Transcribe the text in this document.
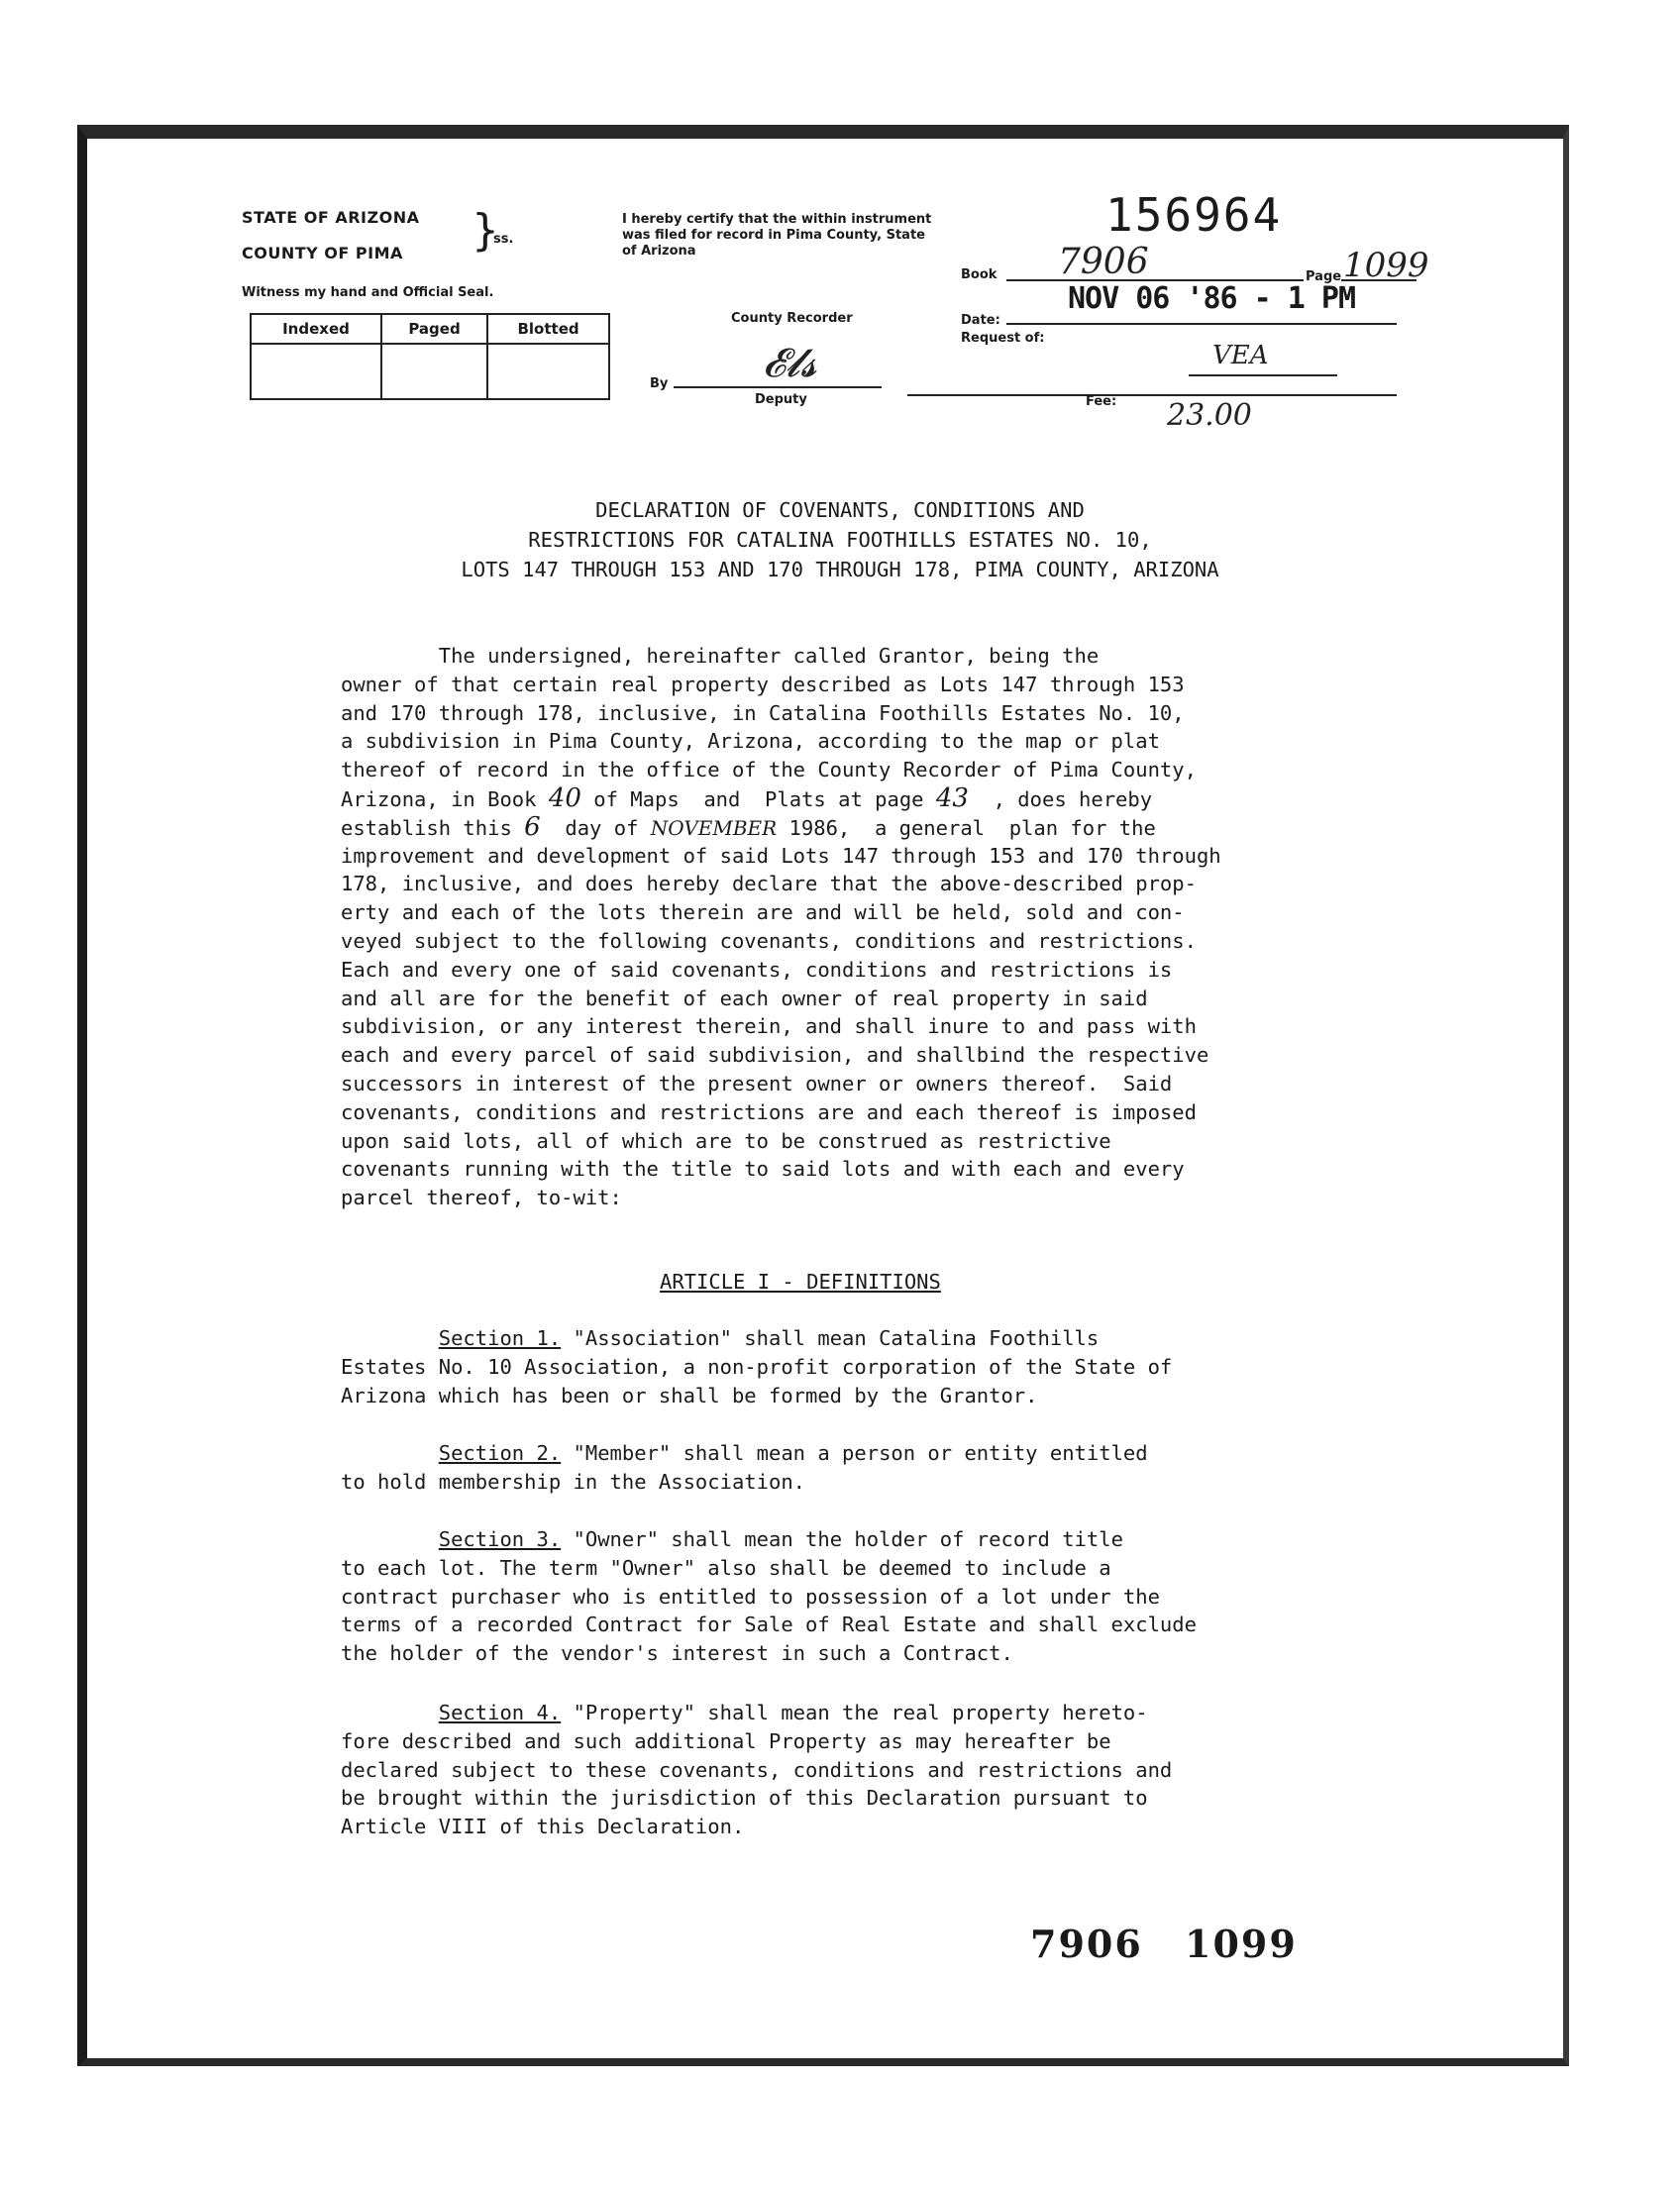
STATE OF ARIZONA
COUNTY OF PIMA }
ss.
Witness my hand and Official Seal.
Indexed	Paged	Blotted

I hereby certify that the within instrument was filed for record in Pima County, State of Arizona
County Recorder
By 𝓔𝓵𝓼
Deputy
156964
Book 7906	Page 1099
Date:
NOV 06 '86 - 1 PM
Request of:
VEA
Fee: 23.00
DECLARATION OF COVENANTS, CONDITIONS AND
RESTRICTIONS FOR CATALINA FOOTHILLS ESTATES NO. 10,
LOTS 147 THROUGH 153 AND 170 THROUGH 178, PIMA COUNTY, ARIZONA
The undersigned, hereinafter called Grantor, being the
owner of that certain real property described as Lots 147 through 153
and 170 through 178, inclusive, in Catalina Foothills Estates No. 10,
a subdivision in Pima County, Arizona, according to the map or plat
thereof of record in the office of the County Recorder of Pima County,
Arizona, in Book 40 of Maps  and  Plats at page 43  , does hereby
establish this 6  day of NOVEMBER 1986,  a general  plan for the
improvement and development of said Lots 147 through 153 and 170 through
178, inclusive, and does hereby declare that the above-described prop-
erty and each of the lots therein are and will be held, sold and con-
veyed subject to the following covenants, conditions and restrictions.
Each and every one of said covenants, conditions and restrictions is
and all are for the benefit of each owner of real property in said
subdivision, or any interest therein, and shall inure to and pass with
each and every parcel of said subdivision, and shallbind the respective
successors in interest of the present owner or owners thereof.  Said
covenants, conditions and restrictions are and each thereof is imposed
upon said lots, all of which are to be construed as restrictive
covenants running with the title to said lots and with each and every
parcel thereof, to-wit:
ARTICLE I - DEFINITIONS
Section 1. "Association" shall mean Catalina Foothills
Estates No. 10 Association, a non-profit corporation of the State of
Arizona which has been or shall be formed by the Grantor.
Section 2. "Member" shall mean a person or entity entitled
to hold membership in the Association.
Section 3. "Owner" shall mean the holder of record title
to each lot. The term "Owner" also shall be deemed to include a
contract purchaser who is entitled to possession of a lot under the
terms of a recorded Contract for Sale of Real Estate and shall exclude
the holder of the vendor's interest in such a Contract.
Section 4. "Property" shall mean the real property hereto-
fore described and such additional Property as may hereafter be
declared subject to these covenants, conditions and restrictions and
be brought within the jurisdiction of this Declaration pursuant to
Article VIII of this Declaration.
7906 1099
